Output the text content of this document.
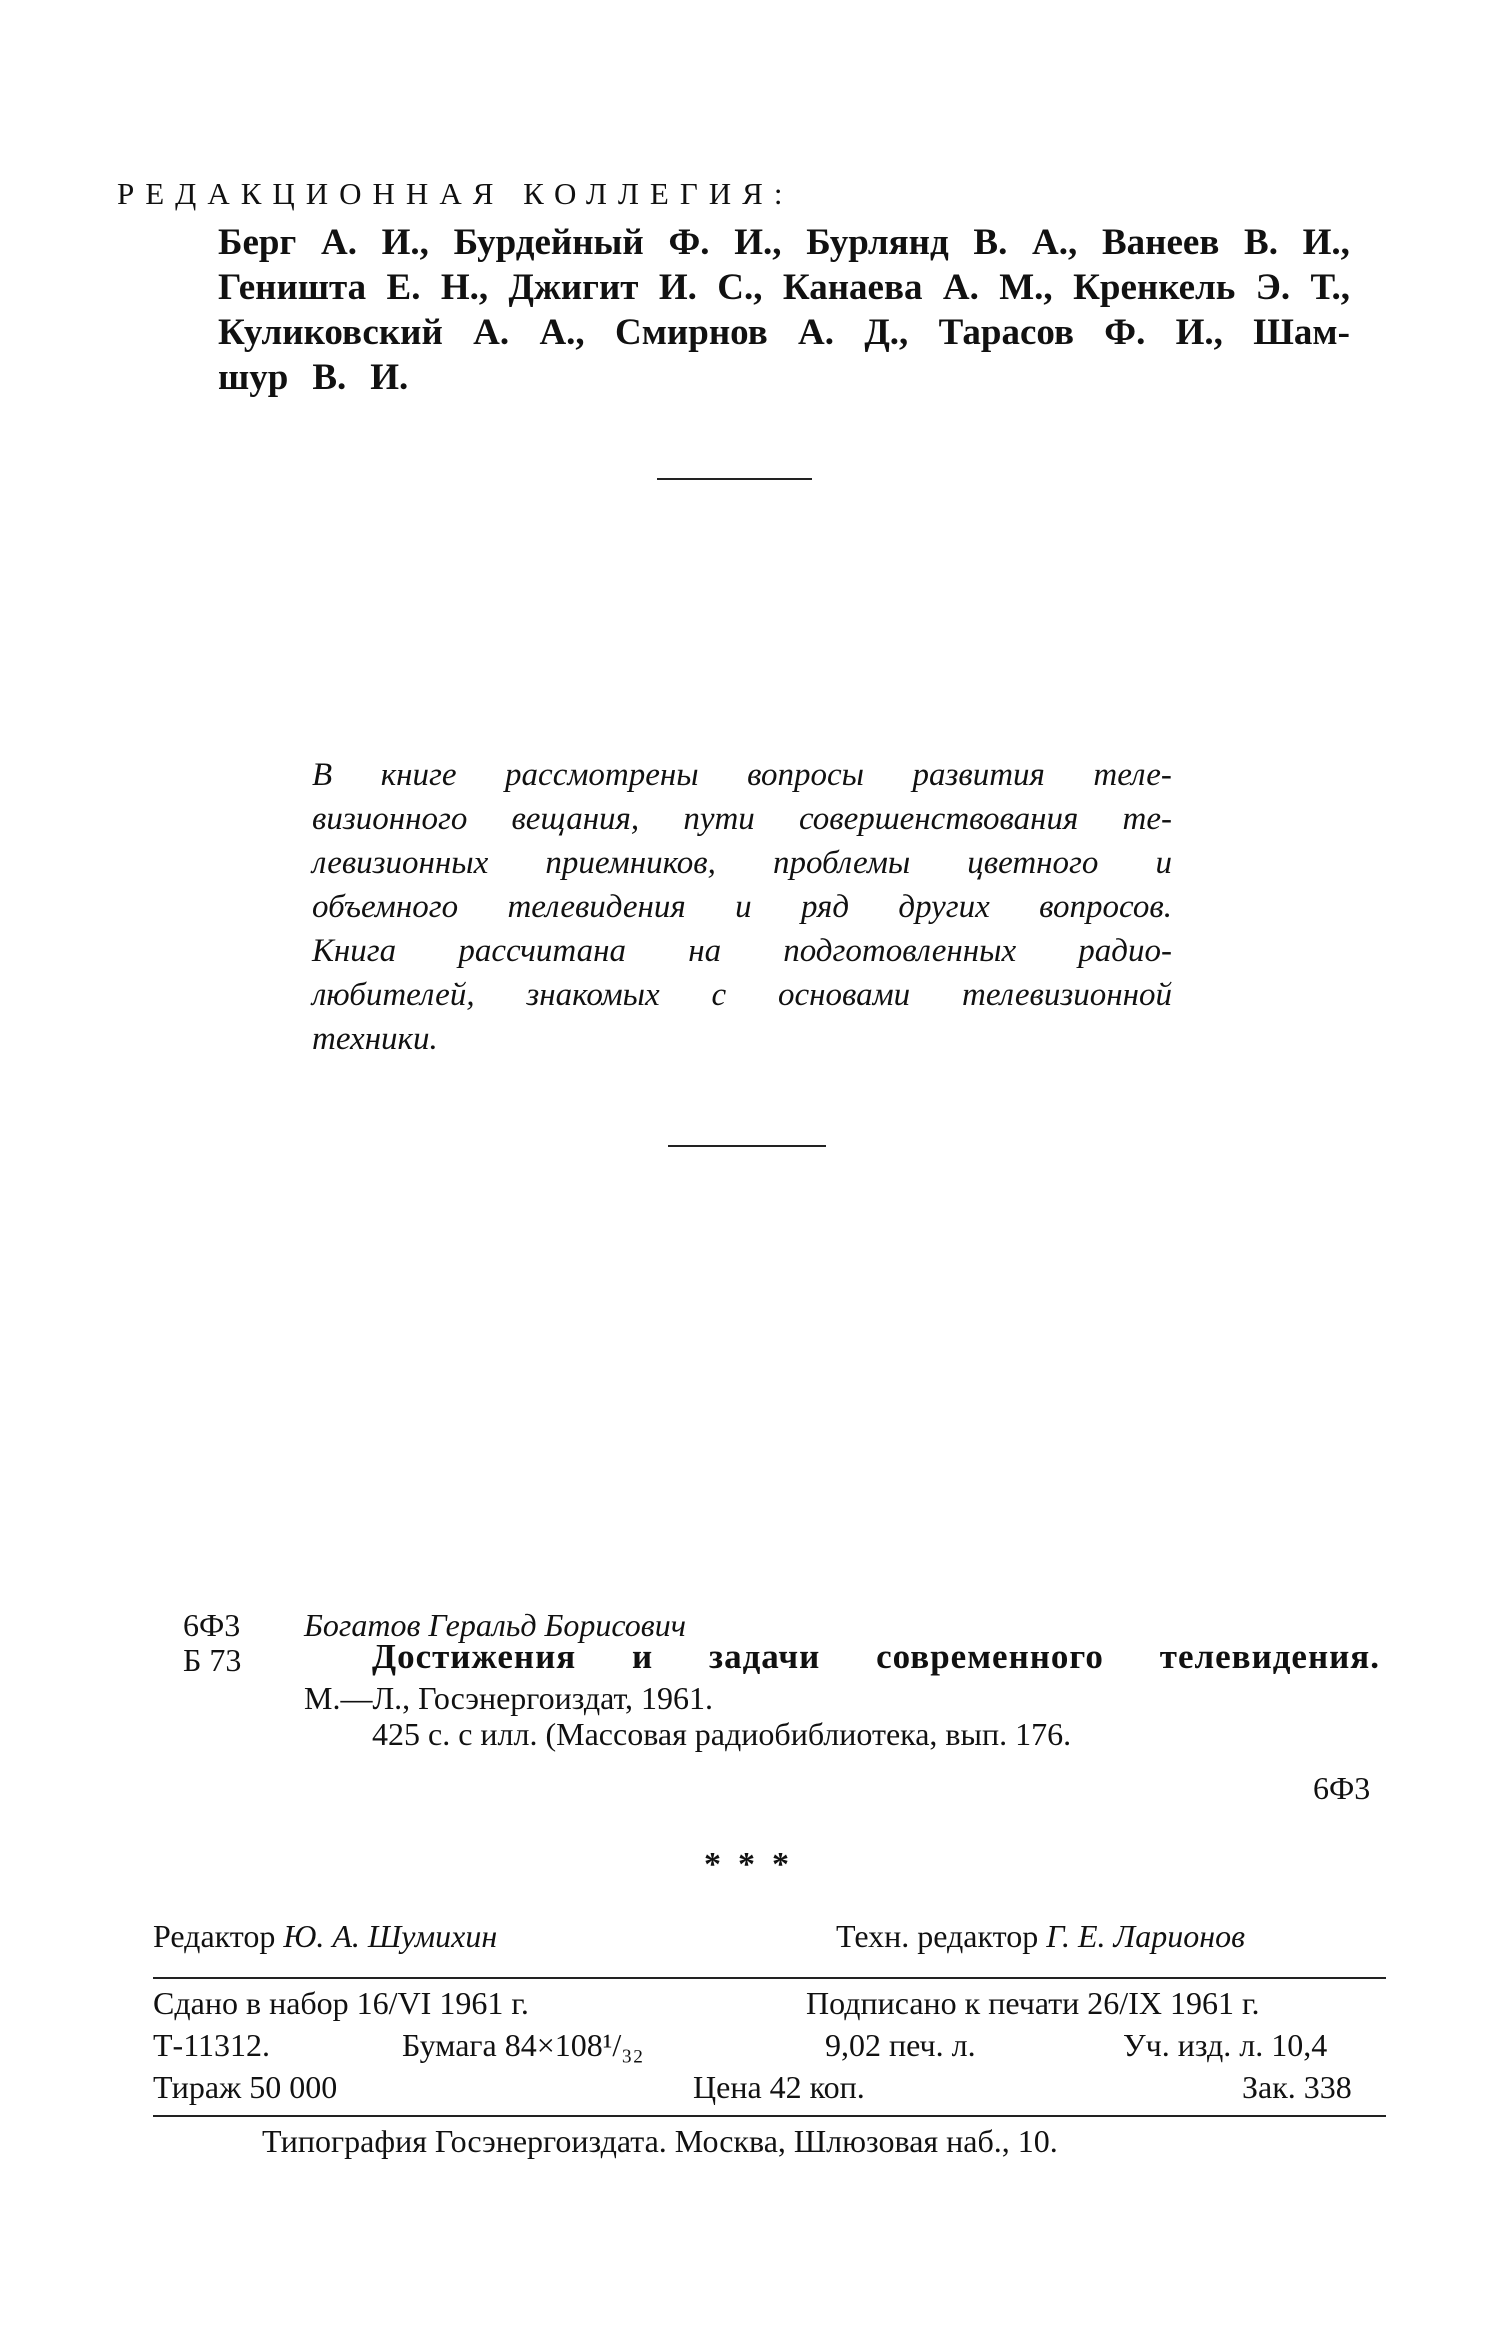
РЕДАКЦИОННАЯ КОЛЛЕГИЯ:
Берг А. И., Бурдейный Ф. И., Бурлянд В. А., Ванеев В. И.,
Геништа Е. Н., Джигит И. С., Канаева А. М., Кренкель Э. Т.,
Куликовский А. А., Смирнов А. Д., Тарасов Ф. И., Шам-
шур В. И.
В книге рассмотрены вопросы развития теле-
визионного вещания, пути совершенствования те-
левизионных приемников, проблемы цветного и
объемного телевидения и ряд других вопросов.
Книга рассчитана на подготовленных радио-
любителей, знакомых с основами телевизионной
техники.
6Ф3 Богатов Геральд Борисович
Б 73	Достижения и задачи современного телевидения.
М.—Л., Госэнергоиздат, 1961.
425 с. с илл. (Массовая радиобиблиотека, вып. 176.
6Ф3
*  *  *
Редактор Ю. А. Шумихин	Техн. редактор Г. Е. Ларионов
Сдано в набор 16/VI 1961 г.	Подписано к печати 26/IX 1961 г.
Т-11312.	Бумага 84×108¹/₃₂	9,02 печ. л.	Уч. изд. л. 10,4
Тираж 50 000	Цена 42 коп.	Зак. 338
Типография Госэнергоиздата. Москва, Шлюзовая наб., 10.
